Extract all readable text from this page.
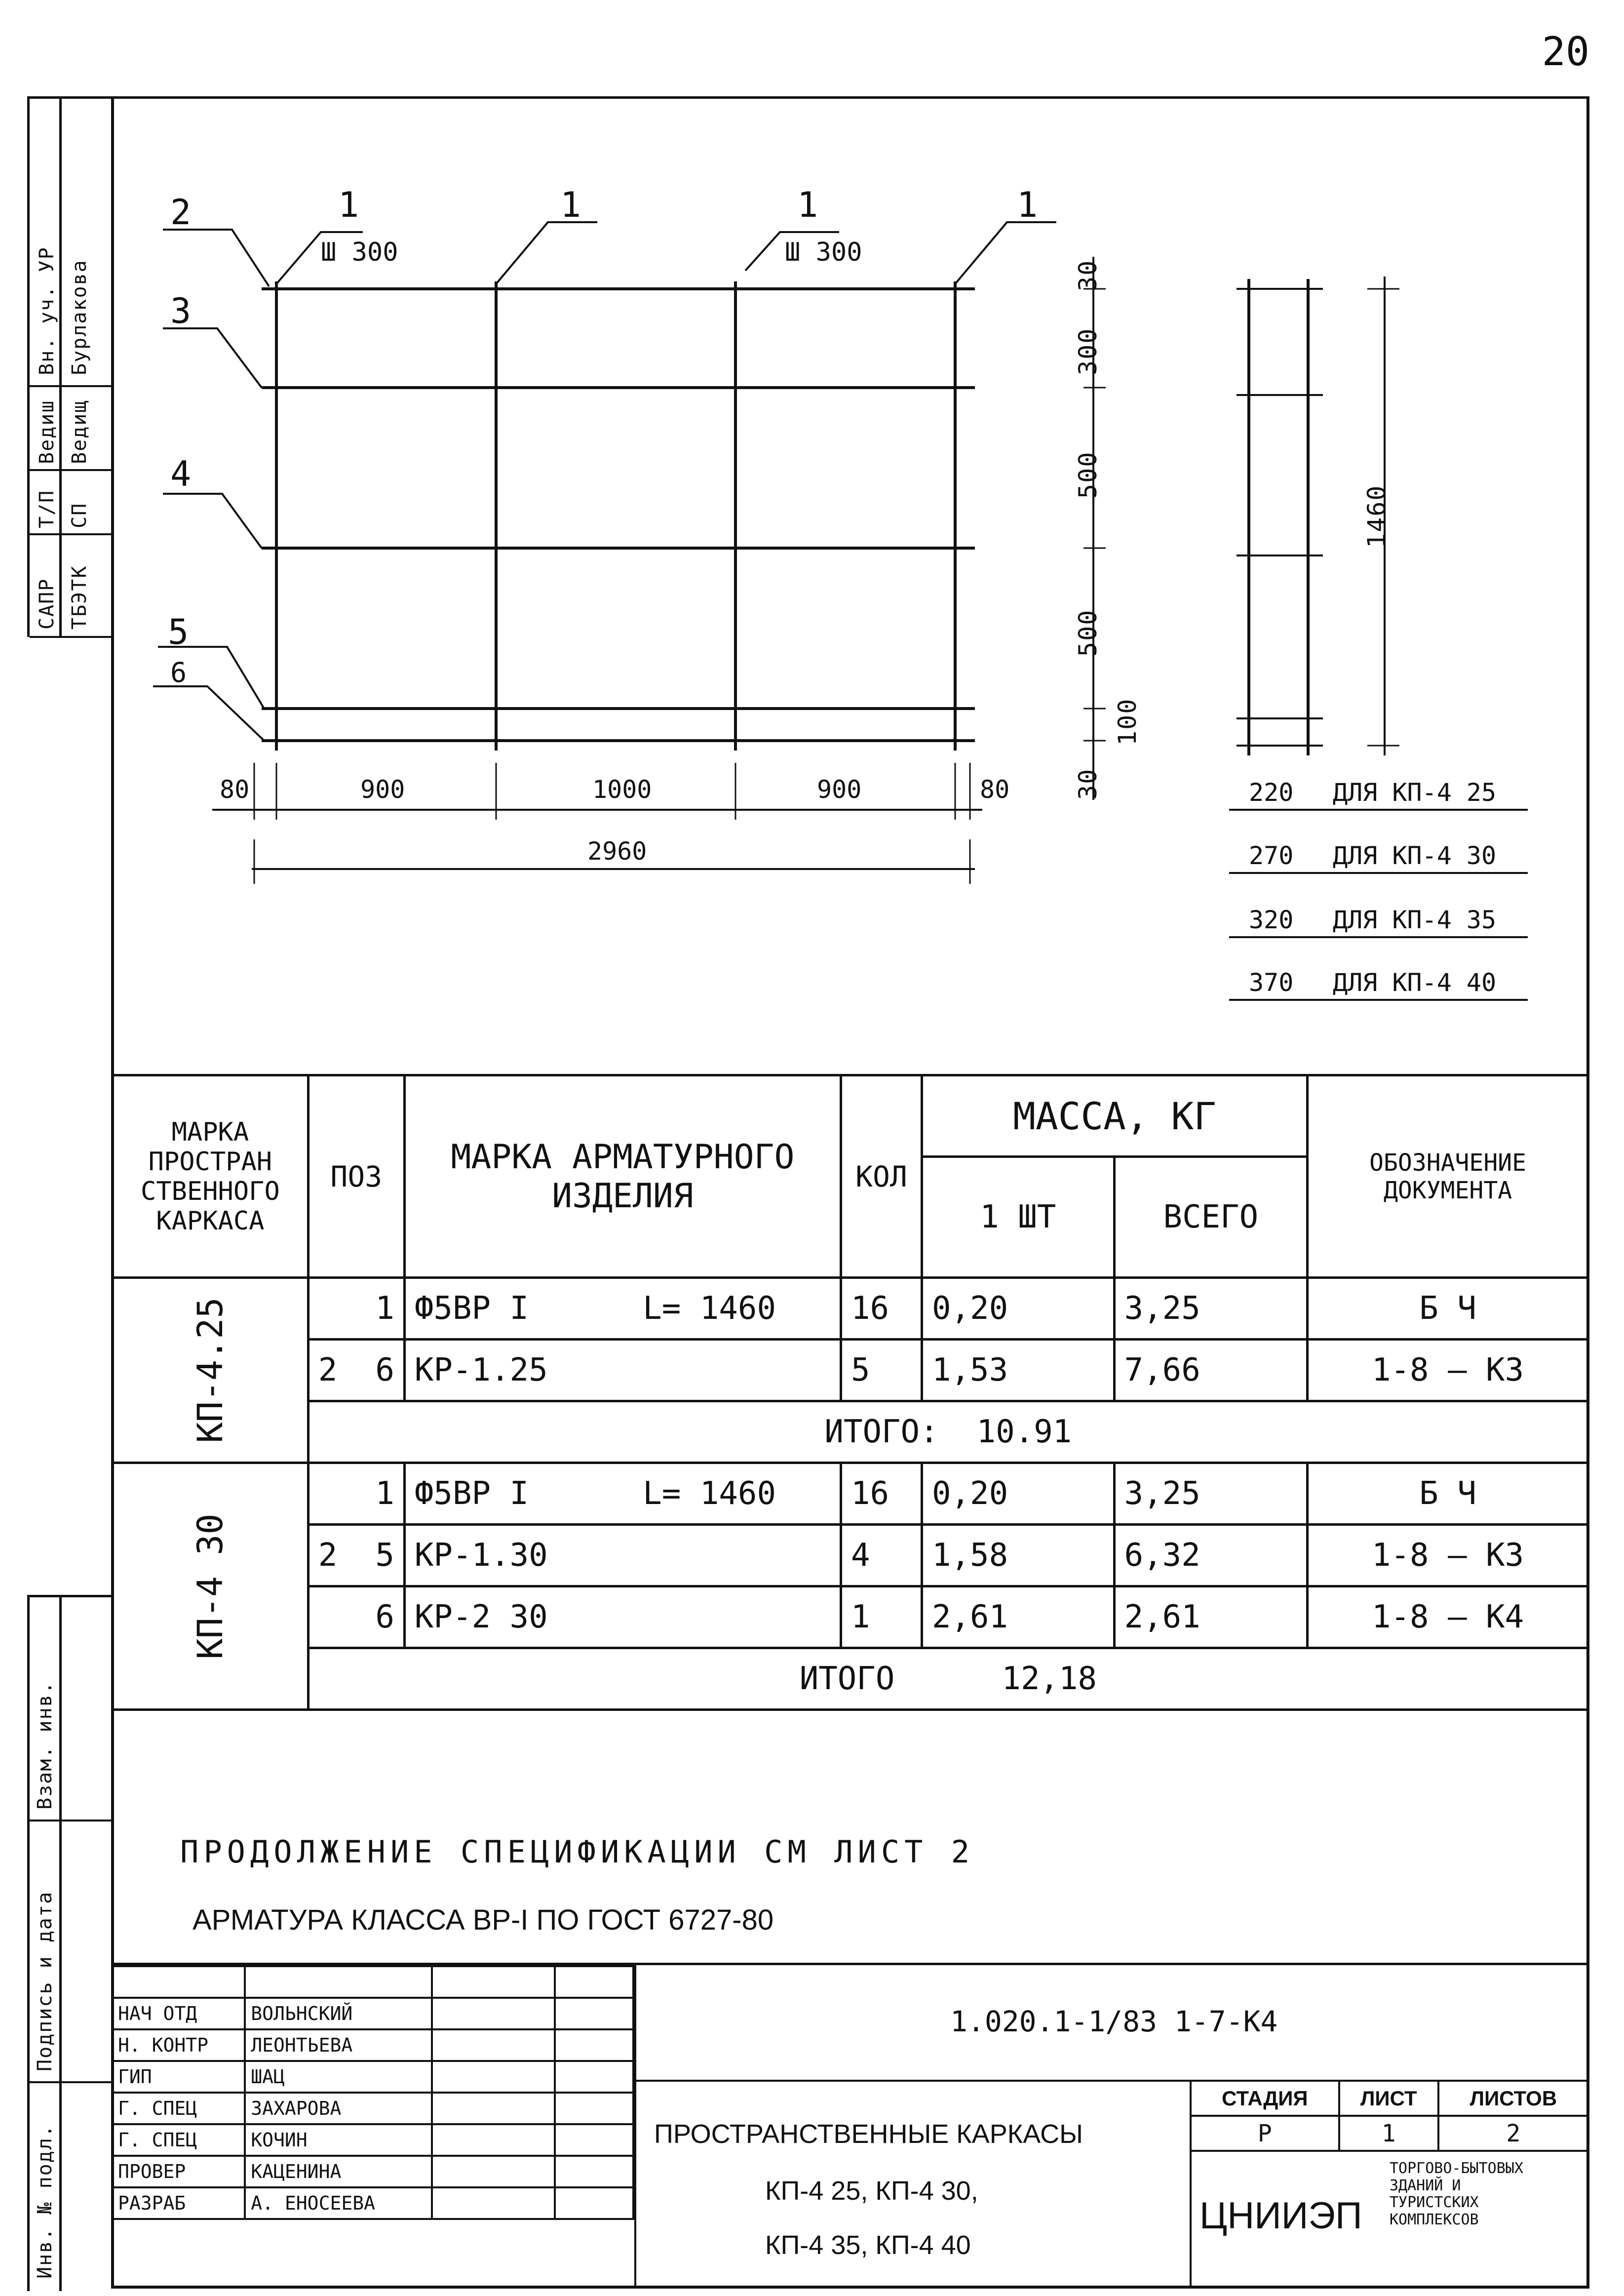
20
Вн. уч. УР Бурлакова
Ведиш Ведищ
Т/П СП
САПР ТБЭТК
Взам. инв.
Подпись и дата
Инв. № подл.
1	1	1	1
2
3
4
5
6
Ш 300	Ш 300
80	900	1000	900	80
2960
30
300
500
500
100
30
1460
220 ДЛЯ КП-4 25
270 ДЛЯ КП-4 30
320 ДЛЯ КП-4 35
370 ДЛЯ КП-4 40
МАРКА ПРОСТРАН СТВЕННОГО КАРКАСА	ПОЗ	МАРКА АРМАТУРНОГО ИЗДЕЛИЯ	КОЛ	МАССА, КГ		ОБОЗНАЧЕНИЕ ДОКУМЕНТА
				1 ШТ	ВСЕГО	

КП-4.25	1	Ф5ВР I      L= 1460	16	0,20	3,25	Б Ч
	2  6	КР-1.25	5	1,53	7,66	1-8 — К3
	ИТОГО:  10.91					

КП-4 30	1	Ф5ВР I      L= 1460	16	0,20	3,25	Б Ч
	2  5	КР-1.30	4	1,58	6,32	1-8 — К3
	6	КР-2 30	1	2,61	2,61	1-8 — К4
	ИТОГО 12,18					
ПРОДОЛЖЕНИЕ СПЕЦИФИКАЦИИ СМ ЛИСТ 2
АРМАТУРА КЛАССА ВР-I ПО ГОСТ 6727-80

НАЧ ОТД	ВОЛЬНСКИЙ		
Н. КОНТР	ЛЕОНТЬЕВА		
ГИП	ШАЦ		
Г. СПЕЦ	ЗАХАРОВА		
Г. СПЕЦ	КОЧИН		
ПРОВЕР	КАЦЕНИНА		
РАЗРАБ	А. ЕНОСЕЕВА		
1.020.1-1/83 1-7-К4
ПРОСТРАНСТВЕННЫЕ КАРКАСЫ
КП-4 25, КП-4 30,
КП-4 35, КП-4 40
СТАДИЯ	ЛИСТ	ЛИСТОВ
Р	1	2
ЦНИИЭП
ТОРГОВО-БЫТОВЫХ ЗДАНИЙ И ТУРИСТСКИХ КОМПЛЕКСОВ
